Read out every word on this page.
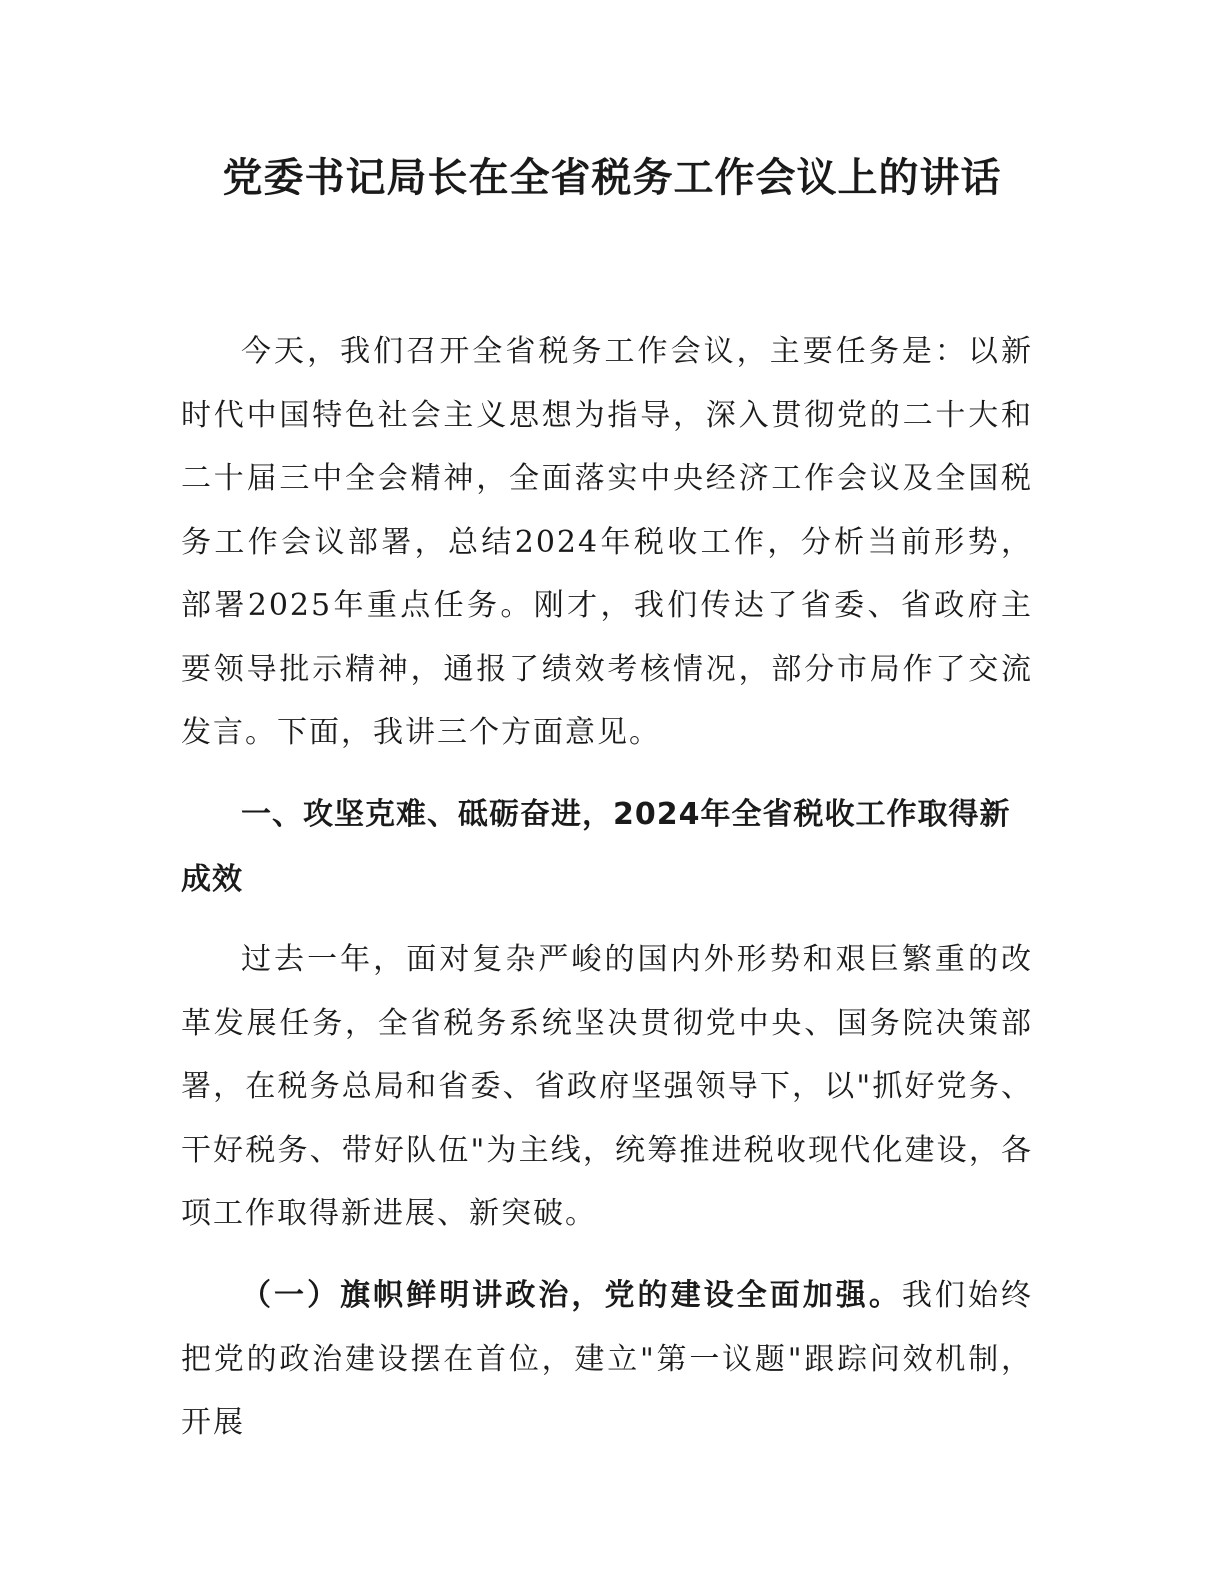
党委书记局长在全省税务工作会议上的讲话

今天，我们召开全省税务工作会议，主要任务是：以新时代中国特色社会主义思想为指导，深入贯彻党的二十大和二十届三中全会精神，全面落实中央经济工作会议及全国税务工作会议部署，总结2024年税收工作，分析当前形势，部署2025年重点任务。刚才，我们传达了省委、省政府主要领导批示精神，通报了绩效考核情况，部分市局作了交流发言。下面，我讲三个方面意见。

一、攻坚克难、砥砺奋进，2024年全省税收工作取得新成效

过去一年，面对复杂严峻的国内外形势和艰巨繁重的改革发展任务，全省税务系统坚决贯彻党中央、国务院决策部署，在税务总局和省委、省政府坚强领导下，以"抓好党务、干好税务、带好队伍"为主线，统筹推进税收现代化建设，各项工作取得新进展、新突破。

（一）旗帜鲜明讲政治，党的建设全面加强。我们始终把党的政治建设摆在首位，建立"第一议题"跟踪问效机制，开展
